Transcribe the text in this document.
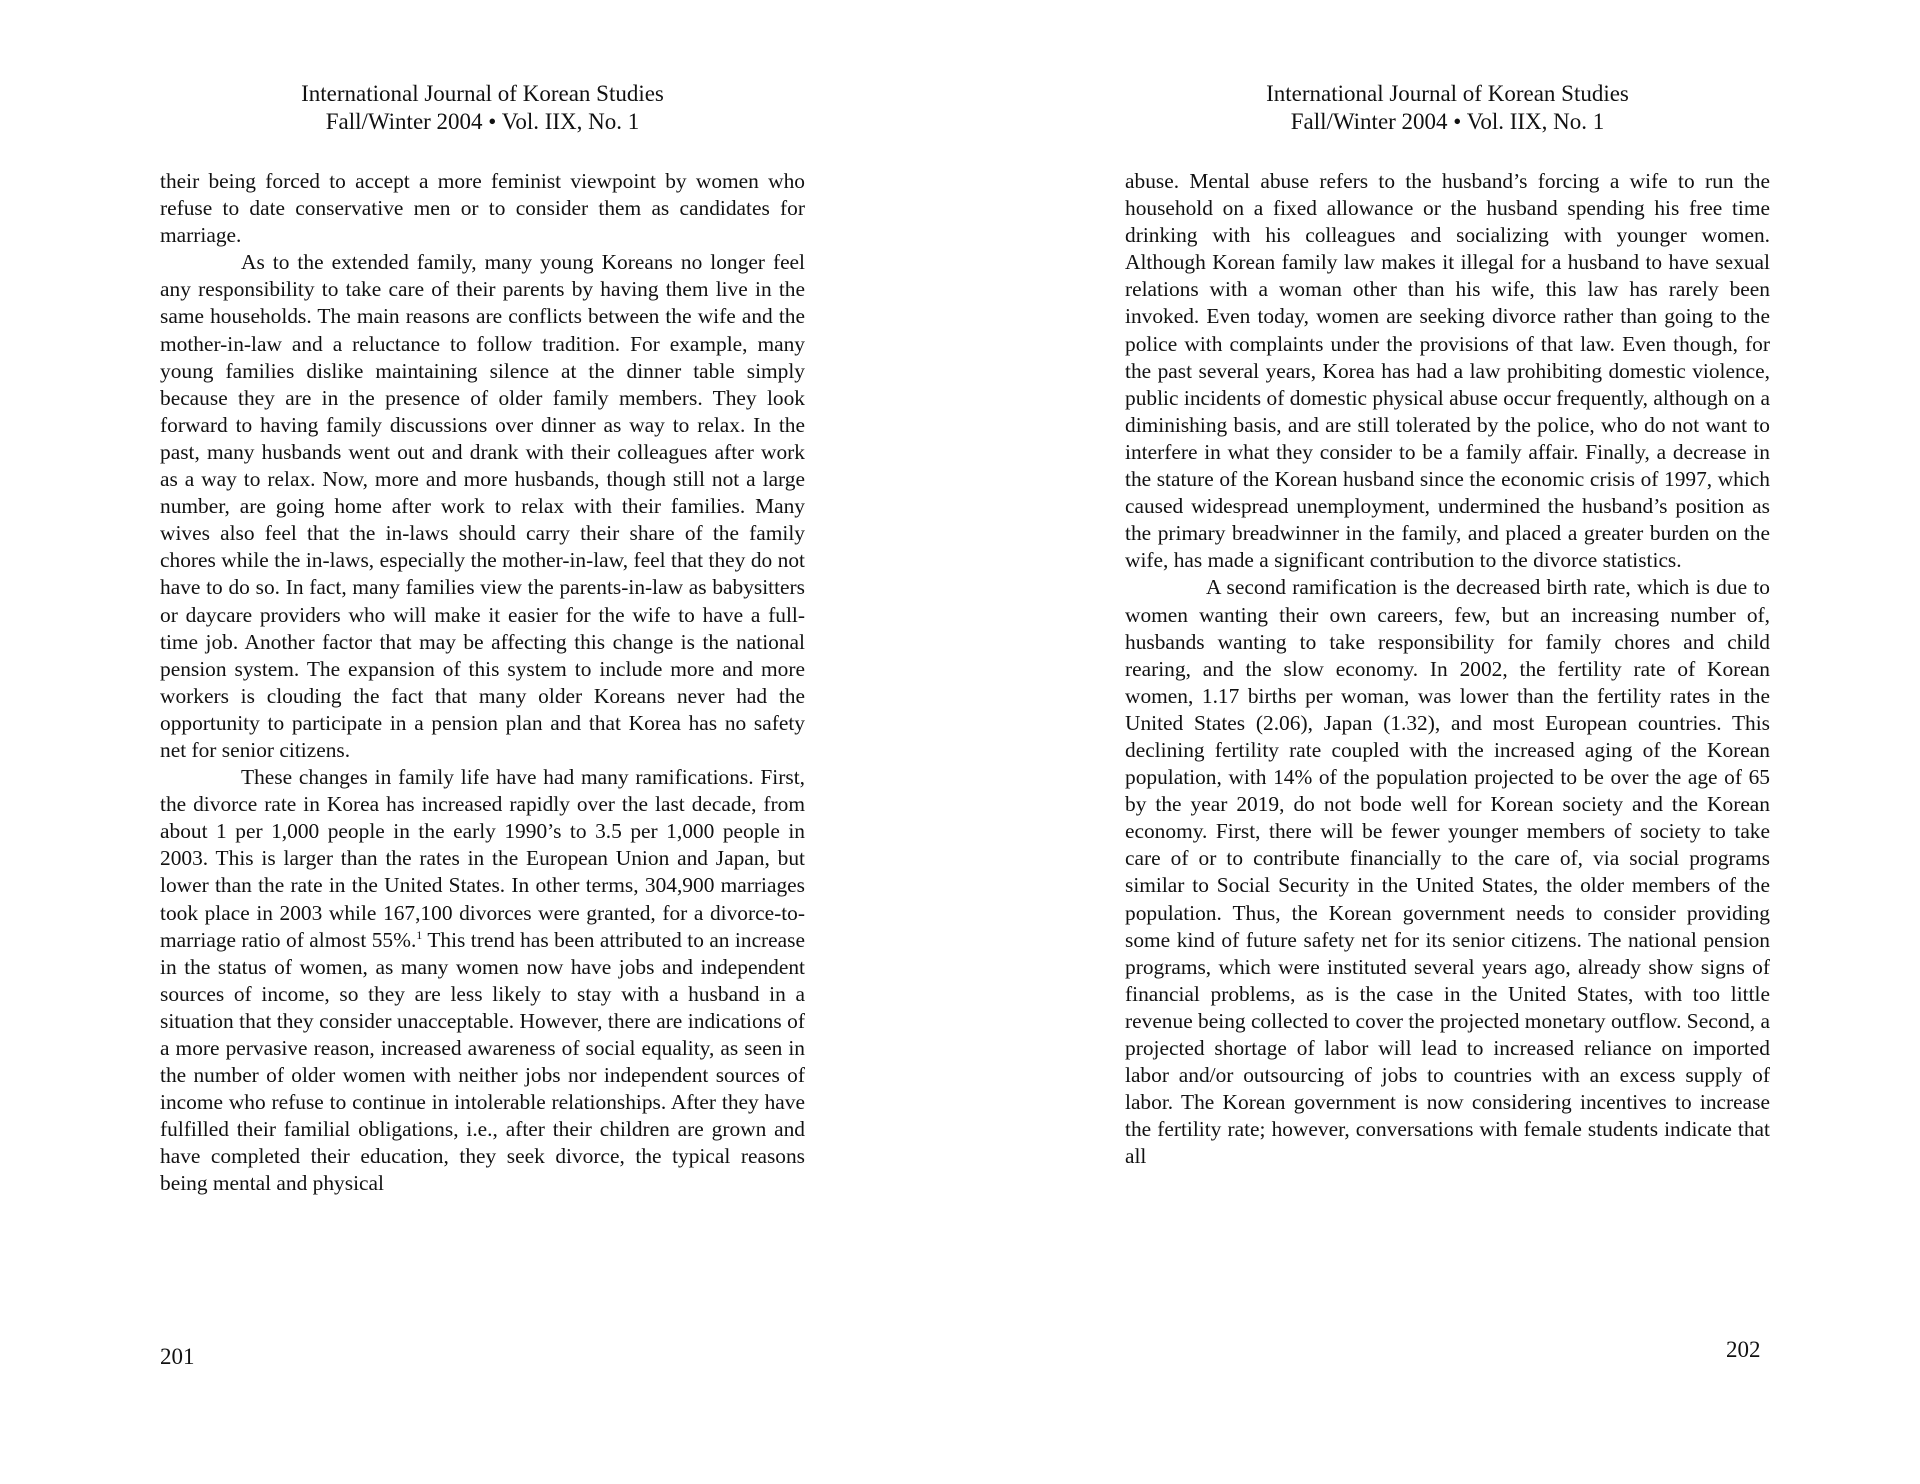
International Journal of Korean Studies
Fall/Winter 2004 • Vol. IIX, No. 1

their being forced to accept a more feminist viewpoint by women who refuse to date conservative men or to consider them as candidates for marriage.

As to the extended family, many young Koreans no longer feel any responsibility to take care of their parents by having them live in the same households. The main reasons are conflicts between the wife and the mother-in-law and a reluctance to follow tradition. For example, many young families dislike maintaining silence at the dinner table simply because they are in the presence of older family members. They look forward to having family discussions over dinner as way to relax. In the past, many husbands went out and drank with their colleagues after work as a way to relax. Now, more and more husbands, though still not a large number, are going home after work to relax with their families. Many wives also feel that the in-laws should carry their share of the family chores while the in-laws, especially the mother-in-law, feel that they do not have to do so. In fact, many families view the parents-in-law as babysitters or daycare providers who will make it easier for the wife to have a full-time job. Another factor that may be affecting this change is the national pension system. The expansion of this system to include more and more workers is clouding the fact that many older Koreans never had the opportunity to participate in a pension plan and that Korea has no safety net for senior citizens.

These changes in family life have had many ramifications. First, the divorce rate in Korea has increased rapidly over the last decade, from about 1 per 1,000 people in the early 1990’s to 3.5 per 1,000 people in 2003. This is larger than the rates in the European Union and Japan, but lower than the rate in the United States. In other terms, 304,900 marriages took place in 2003 while 167,100 divorces were granted, for a divorce-to-marriage ratio of almost 55%.$^1$ This trend has been attributed to an increase in the status of women, as many women now have jobs and independent sources of income, so they are less likely to stay with a husband in a situation that they consider unacceptable. However, there are indications of a more pervasive reason, increased awareness of social equality, as seen in the number of older women with neither jobs nor independent sources of income who refuse to continue in intolerable relationships. After they have fulfilled their familial obligations, i.e., after their children are grown and have completed their education, they seek divorce, the typical reasons being mental and physical

201
International Journal of Korean Studies
Fall/Winter 2004 • Vol. IIX, No. 1

abuse. Mental abuse refers to the husband’s forcing a wife to run the household on a fixed allowance or the husband spending his free time drinking with his colleagues and socializing with younger women. Although Korean family law makes it illegal for a husband to have sexual relations with a woman other than his wife, this law has rarely been invoked. Even today, women are seeking divorce rather than going to the police with complaints under the provisions of that law. Even though, for the past several years, Korea has had a law prohibiting domestic violence, public incidents of domestic physical abuse occur frequently, although on a diminishing basis, and are still tolerated by the police, who do not want to interfere in what they consider to be a family affair. Finally, a decrease in the stature of the Korean husband since the economic crisis of 1997, which caused widespread unemployment, undermined the husband’s position as the primary breadwinner in the family, and placed a greater burden on the wife, has made a significant contribution to the divorce statistics.

A second ramification is the decreased birth rate, which is due to women wanting their own careers, few, but an increasing number of, husbands wanting to take responsibility for family chores and child rearing, and the slow economy. In 2002, the fertility rate of Korean women, 1.17 births per woman, was lower than the fertility rates in the United States (2.06), Japan (1.32), and most European countries. This declining fertility rate coupled with the increased aging of the Korean population, with 14% of the population projected to be over the age of 65 by the year 2019, do not bode well for Korean society and the Korean economy. First, there will be fewer younger members of society to take care of or to contribute financially to the care of, via social programs similar to Social Security in the United States, the older members of the population. Thus, the Korean government needs to consider providing some kind of future safety net for its senior citizens. The national pension programs, which were instituted several years ago, already show signs of financial problems, as is the case in the United States, with too little revenue being collected to cover the projected monetary outflow. Second, a projected shortage of labor will lead to increased reliance on imported labor and/or outsourcing of jobs to countries with an excess supply of labor. The Korean government is now considering incentives to increase the fertility rate; however, conversations with female students indicate that all

202
